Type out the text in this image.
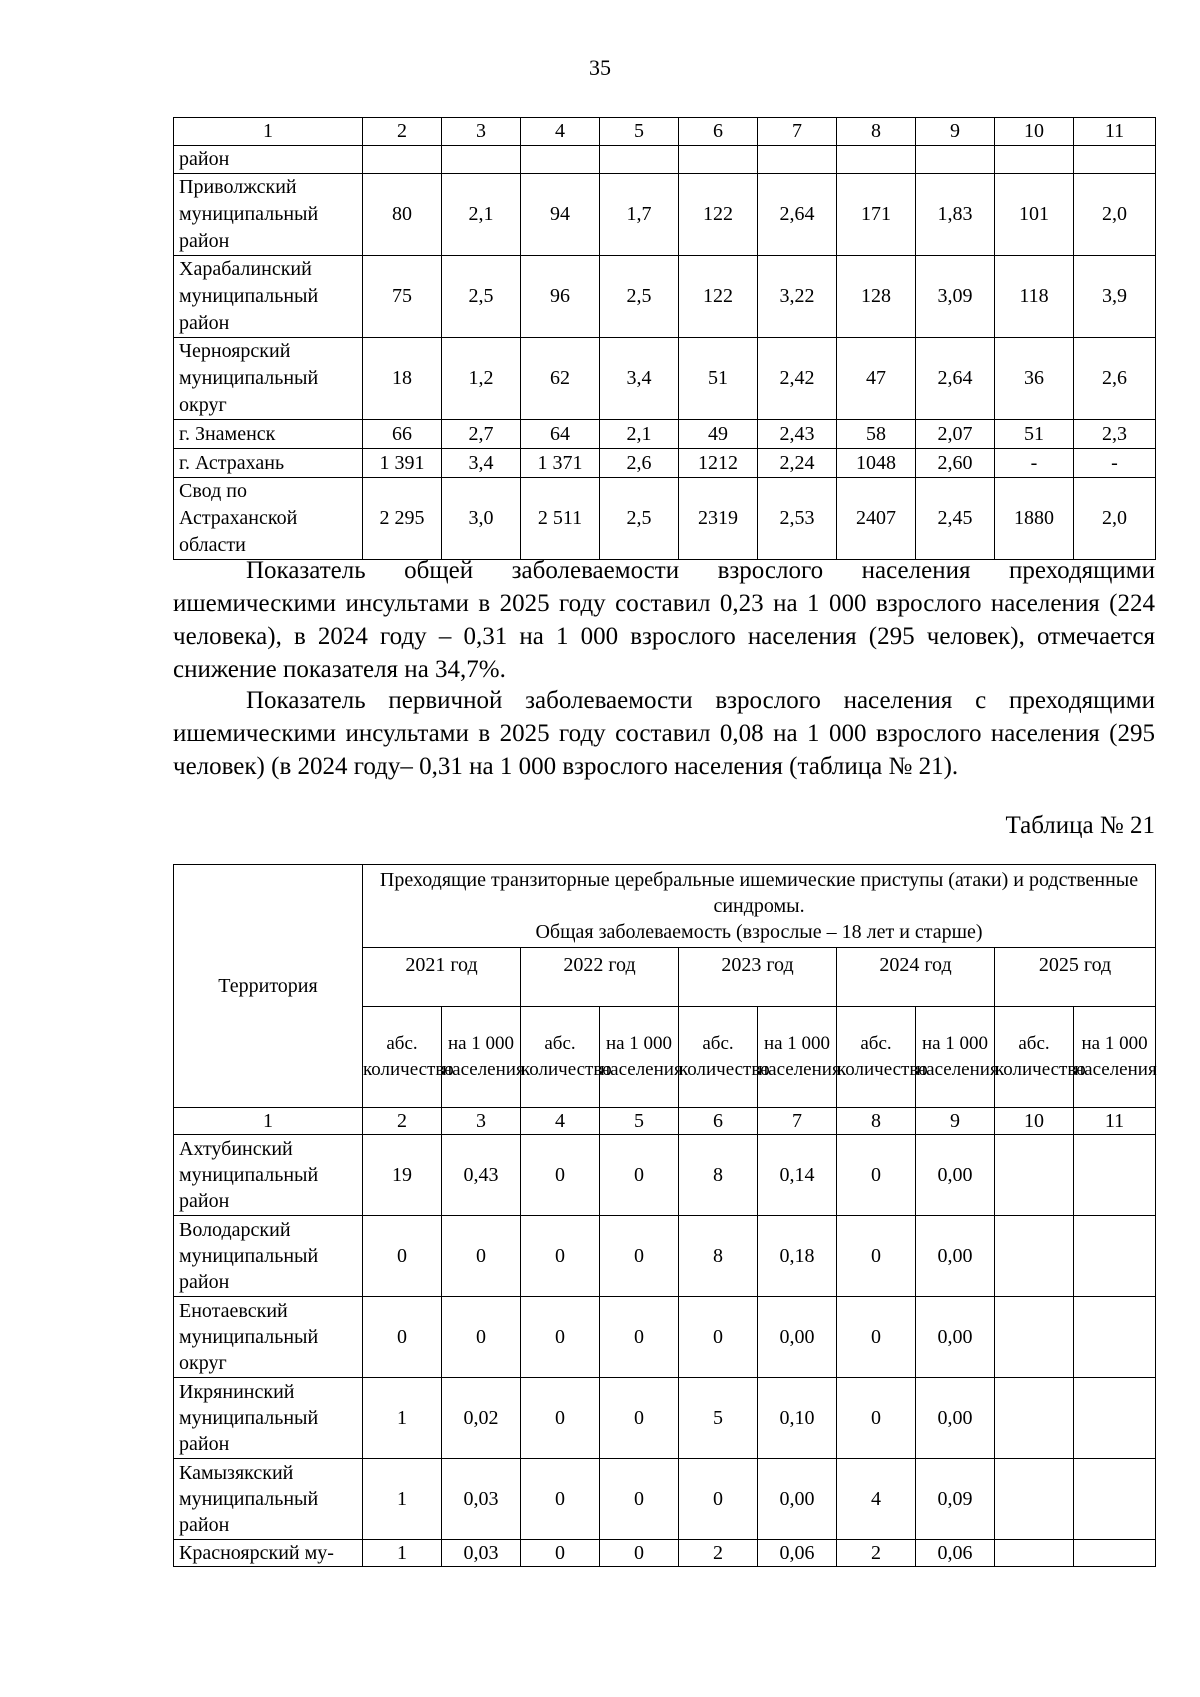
35
1	2	3	4	5	6	7	8	9	10	11
район										
Приволжский муниципальный район	80	2,1	94	1,7	122	2,64	171	1,83	101	2,0
Харабалинский муниципальный район	75	2,5	96	2,5	122	3,22	128	3,09	118	3,9
Черноярский муниципальный округ	18	1,2	62	3,4	51	2,42	47	2,64	36	2,6
г. Знаменск	66	2,7	64	2,1	49	2,43	58	2,07	51	2,3
г. Астрахань	1 391	3,4	1 371	2,6	1212	2,24	1048	2,60	-	-
Свод по Астраханской области	2 295	3,0	2 511	2,5	2319	2,53	2407	2,45	1880	2,0

Показатель общей заболеваемости взрослого населения преходящими ишемическими инсультами в 2025 году составил 0,23 на 1 000 взрослого населения (224 человека), в 2024 году – 0,31 на 1 000 взрослого населения (295 человек), отмечается снижение показателя на 34,7%.

Показатель первичной заболеваемости взрослого населения с преходящими ишемическими инсультами в 2025 году составил 0,08 на 1 000 взрослого населения (295 человек) (в 2024 году– 0,31 на 1 000 взрослого населения (таблица № 21).

Таблица № 21
Территория	Преходящие транзиторные церебральные ишемические приступы (атаки) и родственные синдромы.
Общая заболеваемость (взрослые – 18 лет и старше)									

	2021 год		2022 год		2023 год		2024 год		2025 год	
	абс. количество	на 1 000 населения	абс. количество	на 1 000 населения	абс. количество	на 1 000 населения	абс. количество	на 1 000 населения	абс. количество	на 1 000 населения
1	2	3	4	5	6	7	8	9	10	11
Ахтубинский муниципальный район	19	0,43	0	0	8	0,14	0	0,00		
Володарский муниципальный район	0	0	0	0	8	0,18	0	0,00		
Енотаевский муниципальный округ	0	0	0	0	0	0,00	0	0,00		
Икрянинский муниципальный район	1	0,02	0	0	5	0,10	0	0,00		
Камызякский муниципальный район	1	0,03	0	0	0	0,00	4	0,09		
Красноярский му-	1	0,03	0	0	2	0,06	2	0,06		
